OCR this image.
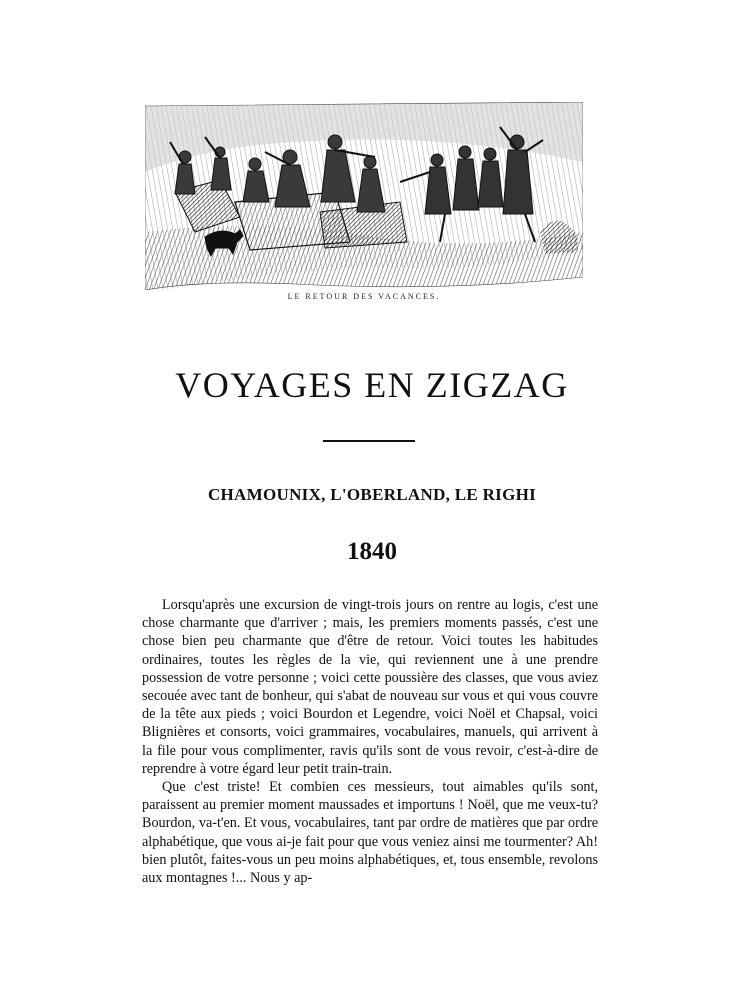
LE RETOUR DES VACANCES.
VOYAGES EN ZIGZAG
CHAMOUNIX, L'OBERLAND, LE RIGHI
1840

Lorsqu'après une excursion de vingt-trois jours on rentre au logis, c'est une chose charmante que d'arriver ; mais, les premiers moments passés, c'est une chose bien peu charmante que d'être de retour. Voici toutes les habitudes ordinaires, toutes les règles de la vie, qui reviennent une à une prendre possession de votre personne ; voici cette poussière des classes, que vous aviez secouée avec tant de bonheur, qui s'abat de nouveau sur vous et qui vous couvre de la tête aux pieds ; voici Bourdon et Legendre, voici Noël et Chapsal, voici Blignières et consorts, voici grammaires, vocabulaires, manuels, qui arrivent à la file pour vous complimenter, ravis qu'ils sont de vous revoir, c'est-à-dire de reprendre à votre égard leur petit train-train.

Que c'est triste! Et combien ces messieurs, tout aimables qu'ils sont, paraissent au premier moment maussades et importuns ! Noël, que me veux-tu? Bourdon, va-t'en. Et vous, vocabulaires, tant par ordre de matières que par ordre alphabétique, que vous ai-je fait pour que vous veniez ainsi me tourmenter? Ah! bien plutôt, faites-vous un peu moins alphabétiques, et, tous ensemble, revolons aux montagnes !... Nous y ap-
